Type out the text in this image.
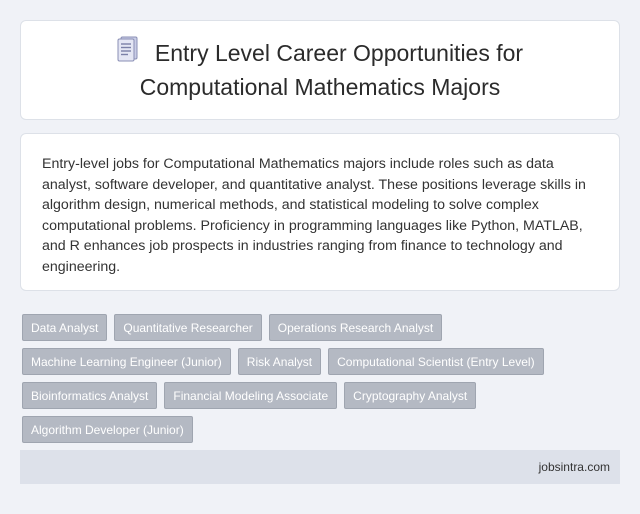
Entry Level Career Opportunities for Computational Mathematics Majors

Entry-level jobs for Computational Mathematics majors include roles such as data analyst, software developer, and quantitative analyst. These positions leverage skills in algorithm design, numerical methods, and statistical modeling to solve complex computational problems. Proficiency in programming languages like Python, MATLAB, and R enhances job prospects in industries ranging from finance to technology and engineering.

Data Analyst	Quantitative Researcher	Operations Research Analyst
Machine Learning Engineer (Junior)	Risk Analyst	Computational Scientist (Entry Level)
Bioinformatics Analyst	Financial Modeling Associate	Cryptography Analyst
Algorithm Developer (Junior)
jobsintra.com
